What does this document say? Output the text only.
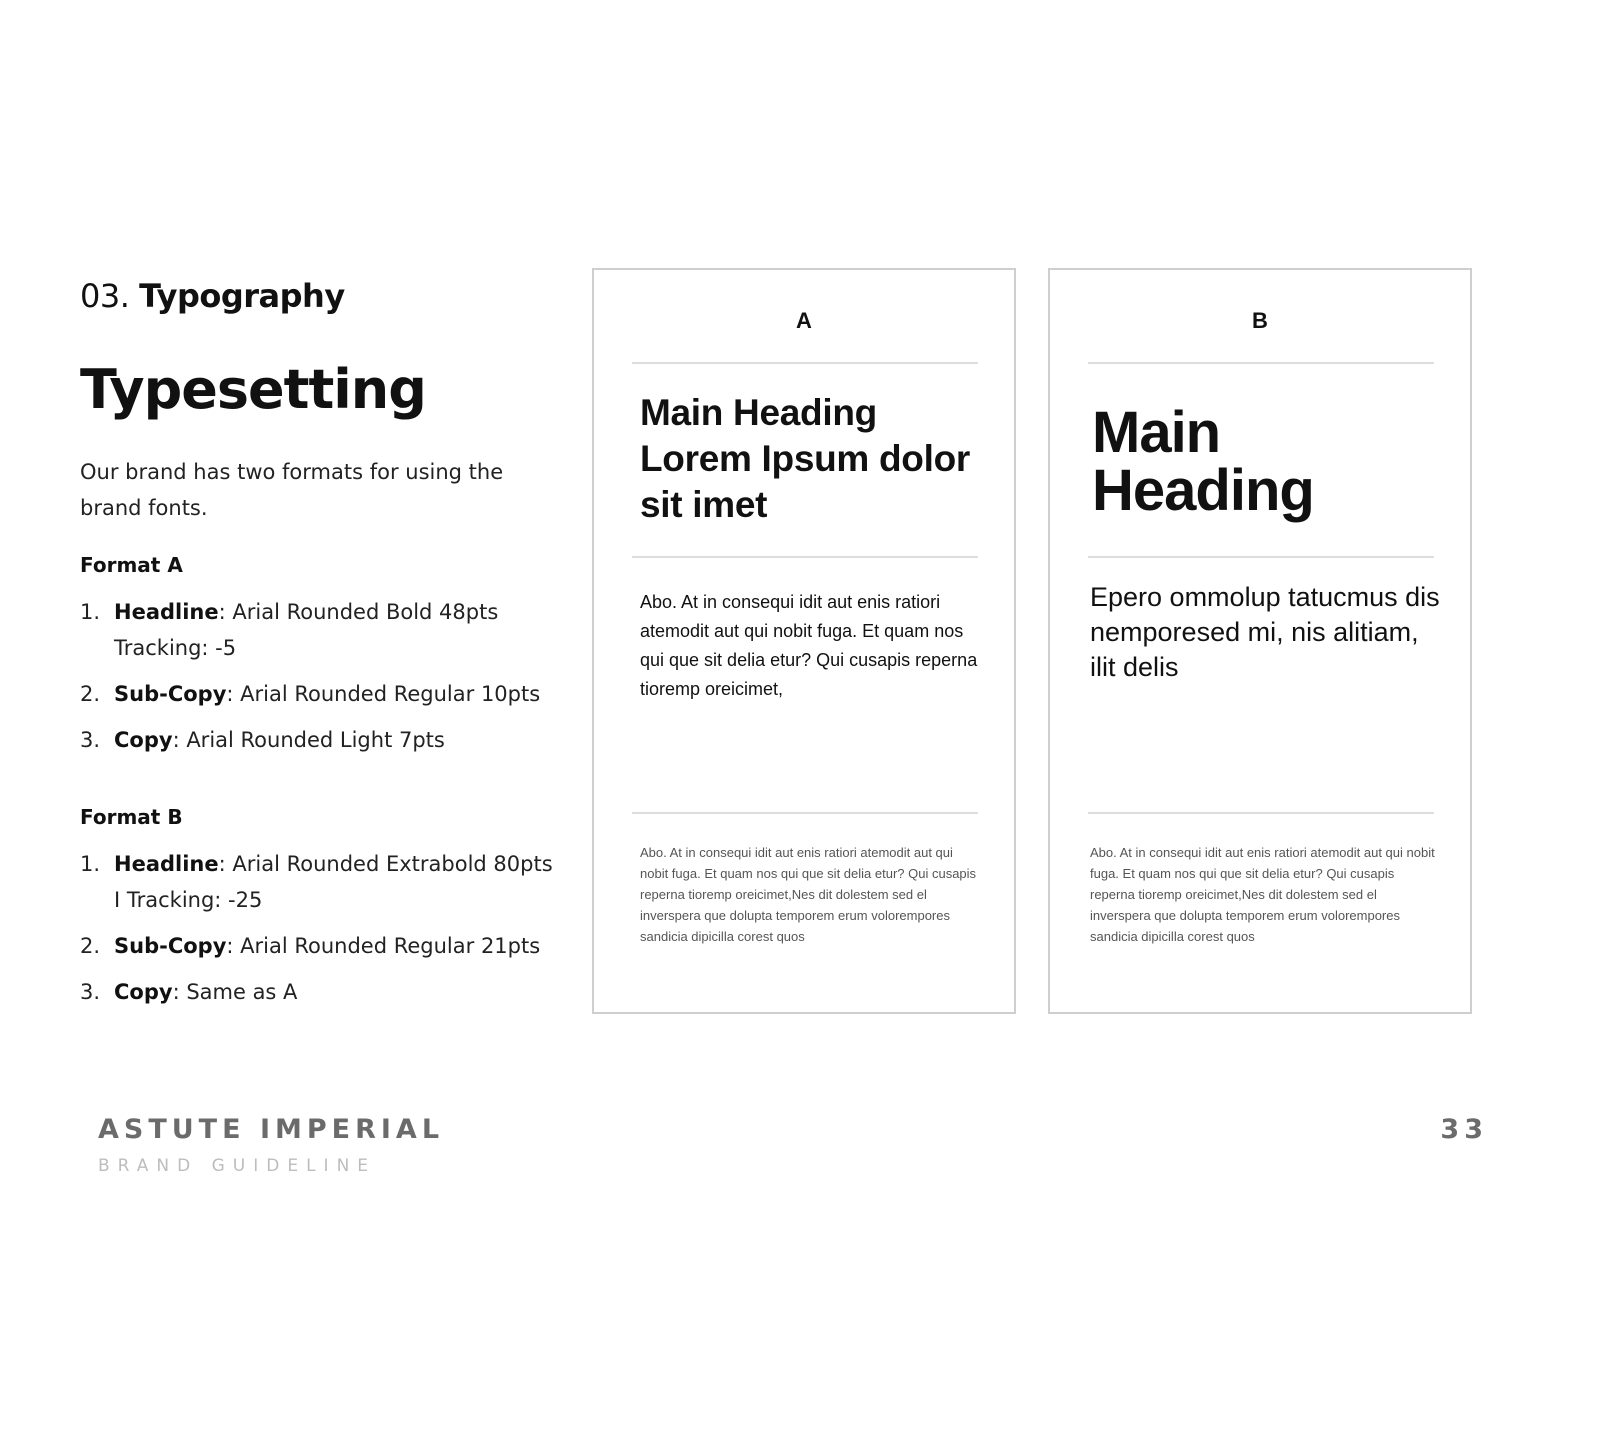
03. Typography
Typesetting

Our brand has two formats for using the brand fonts.

Format A
1. Headline: Arial Rounded Bold 48pts Tracking: -5
2. Sub-Copy: Arial Rounded Regular 10pts
3. Copy: Arial Rounded Light 7pts
Format B
1. Headline: Arial Rounded Extrabold 80pts I Tracking: -25
2. Sub-Copy: Arial Rounded Regular 21pts
3. Copy: Same as A
A
Main Heading Lorem Ipsum dolor sit imet
Abo. At in consequi idit aut enis ratiori atemodit aut qui nobit fuga. Et quam nos qui que sit delia etur? Qui cusapis reperna tioremp oreicimet,
Abo. At in consequi idit aut enis ratiori atemodit aut qui nobit fuga. Et quam nos qui que sit delia etur? Qui cusapis reperna tioremp oreicimet,Nes dit dolestem sed el inverspera que dolupta temporem erum volorempores sandicia dipicilla corest quos
B
Main Heading
Epero ommolup tatucmus dis nemporesed mi, nis alitiam, ilit delis
Abo. At in consequi idit aut enis ratiori atemodit aut qui nobit fuga. Et quam nos qui que sit delia etur? Qui cusapis reperna tioremp oreicimet,Nes dit dolestem sed el inverspera que dolupta temporem erum volorempores sandicia dipicilla corest quos
ASTUTE IMPERIAL
BRAND GUIDELINE
33
